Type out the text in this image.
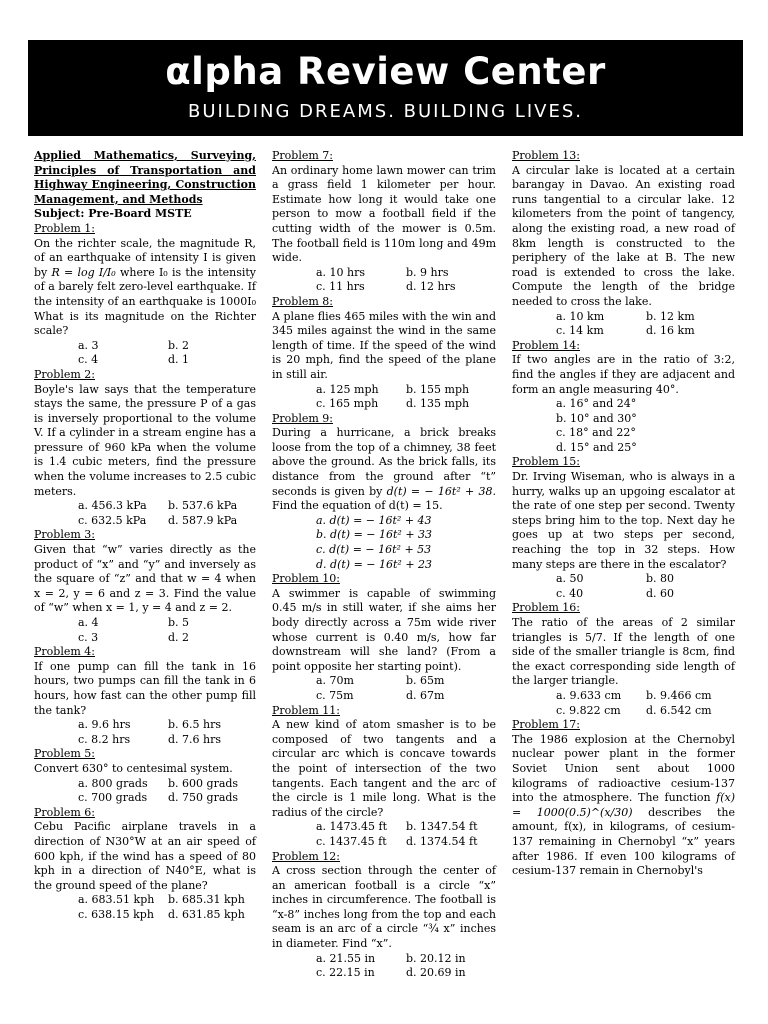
αlpha Review Center
BUILDING DREAMS. BUILDING LIVES.

Applied Mathematics, Surveying, Principles of Transportation and Highway Engineering, Construction Management, and Methods

Subject: Pre-Board MSTE

Problem 1:

On the richter scale, the magnitude R, of an earthquake of intensity I is given by R = log I/I₀ where I₀ is the intensity of a barely felt zero-level earthquake. If the intensity of an earthquake is 1000I₀ What is its magnitude on the Richter scale?

a. 3	b. 2
c. 4	d. 1

Problem 2:

Boyle's law says that the temperature stays the same, the pressure P of a gas is inversely proportional to the volume V. If a cylinder in a stream engine has a pressure of 960 kPa when the volume is 1.4 cubic meters, find the pressure when the volume increases to 2.5 cubic meters.

a. 456.3 kPa	b. 537.6 kPa
c. 632.5 kPa	d. 587.9 kPa

Problem 3:

Given that “w” varies directly as the product of “x” and “y” and inversely as the square of “z” and that w = 4 when x = 2, y = 6 and z = 3. Find the value of “w” when x = 1, y = 4 and z = 2.

a. 4	b. 5
c. 3	d. 2

Problem 4:

If one pump can fill the tank in 16 hours, two pumps can fill the tank in 6 hours, how fast can the other pump fill the tank?

a. 9.6 hrs	b. 6.5 hrs
c. 8.2 hrs	d. 7.6 hrs

Problem 5:

Convert 630° to centesimal system.

a. 800 grads	b. 600 grads
c. 700 grads	d. 750 grads

Problem 6:

Cebu Pacific airplane travels in a direction of N30°W at an air speed of 600 kph, if the wind has a speed of 80 kph in a direction of N40°E, what is the ground speed of the plane?

a. 683.51 kph	b. 685.31 kph
c. 638.15 kph	d. 631.85 kph

Problem 7:

An ordinary home lawn mower can trim a grass field 1 kilometer per hour. Estimate how long it would take one person to mow a football field if the cutting width of the mower is 0.5m. The football field is 110m long and 49m wide.

a. 10 hrs	b. 9 hrs
c. 11 hrs	d. 12 hrs

Problem 8:

A plane flies 465 miles with the win and 345 miles against the wind in the same length of time. If the speed of the wind is 20 mph, find the speed of the plane in still air.

a. 125 mph	b. 155 mph
c. 165 mph	d. 135 mph

Problem 9:

During a hurricane, a brick breaks loose from the top of a chimney, 38 feet above the ground. As the brick falls, its distance from the ground after “t” seconds is given by d(t) = − 16t² + 38. Find the equation of d(t) = 15.

a. d(t) = − 16t² + 43
b. d(t) = − 16t² + 33
c. d(t) = − 16t² + 53
d. d(t) = − 16t² + 23

Problem 10:

A swimmer is capable of swimming 0.45 m/s in still water, if she aims her body directly across a 75m wide river whose current is 0.40 m/s, how far downstream will she land? (From a point opposite her starting point).

a. 70m	b. 65m
c. 75m	d. 67m

Problem 11:

A new kind of atom smasher is to be composed of two tangents and a circular arc which is concave towards the point of intersection of the two tangents. Each tangent and the arc of the circle is 1 mile long. What is the radius of the circle?

a. 1473.45 ft	b. 1347.54 ft
c. 1437.45 ft	d. 1374.54 ft

Problem 12:

A cross section through the center of an american football is a circle “x” inches in circumference. The football is “x-8” inches long from the top and each seam is an arc of a circle “¾ x” inches in diameter. Find “x”.

a. 21.55 in	b. 20.12 in
c. 22.15 in	d. 20.69 in

Problem 13:

A circular lake is located at a certain barangay in Davao. An existing road runs tangential to a circular lake. 12 kilometers from the point of tangency, along the existing road, a new road of 8km length is constructed to the periphery of the lake at B. The new road is extended to cross the lake. Compute the length of the bridge needed to cross the lake.

a. 10 km	b. 12 km
c. 14 km	d. 16 km

Problem 14:

If two angles are in the ratio of 3:2, find the angles if they are adjacent and form an angle measuring 40°.

a. 16° and 24°
b. 10° and 30°
c. 18° and 22°
d. 15° and 25°

Problem 15:

Dr. Irving Wiseman, who is always in a hurry, walks up an upgoing escalator at the rate of one step per second. Twenty steps bring him to the top. Next day he goes up at two steps per second, reaching the top in 32 steps. How many steps are there in the escalator?

a. 50	b. 80
c. 40	d. 60

Problem 16:

The ratio of the areas of 2 similar triangles is 5/7. If the length of one side of the smaller triangle is 8cm, find the exact corresponding side length of the larger triangle.

a. 9.633 cm	b. 9.466 cm
c. 9.822 cm	d. 6.542 cm

Problem 17:

The 1986 explosion at the Chernobyl nuclear power plant in the former Soviet Union sent about 1000 kilograms of radioactive cesium-137 into the atmosphere. The function f(x) = 1000(0.5)^(x/30) describes the amount, f(x), in kilograms, of cesium-137 remaining in Chernobyl “x” years after 1986. If even 100 kilograms of cesium-137 remain in Chernobyl's
